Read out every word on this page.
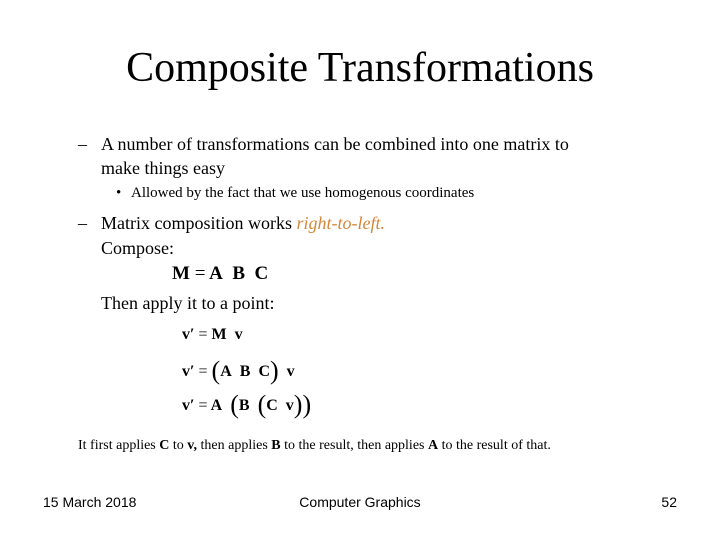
Composite Transformations
– A number of transformations can be combined into one matrix to
make things easy
• Allowed by the fact that we use homogenous coordinates
– Matrix composition works right-to-left.
Compose:
M = A B C
Then apply it to a point:
v′ = M v
v′ = (A B C) v
v′ = A (B (C v))
It first applies C to v, then applies B to the result, then applies A to the result of that.
15 March 2018	Computer Graphics	52
